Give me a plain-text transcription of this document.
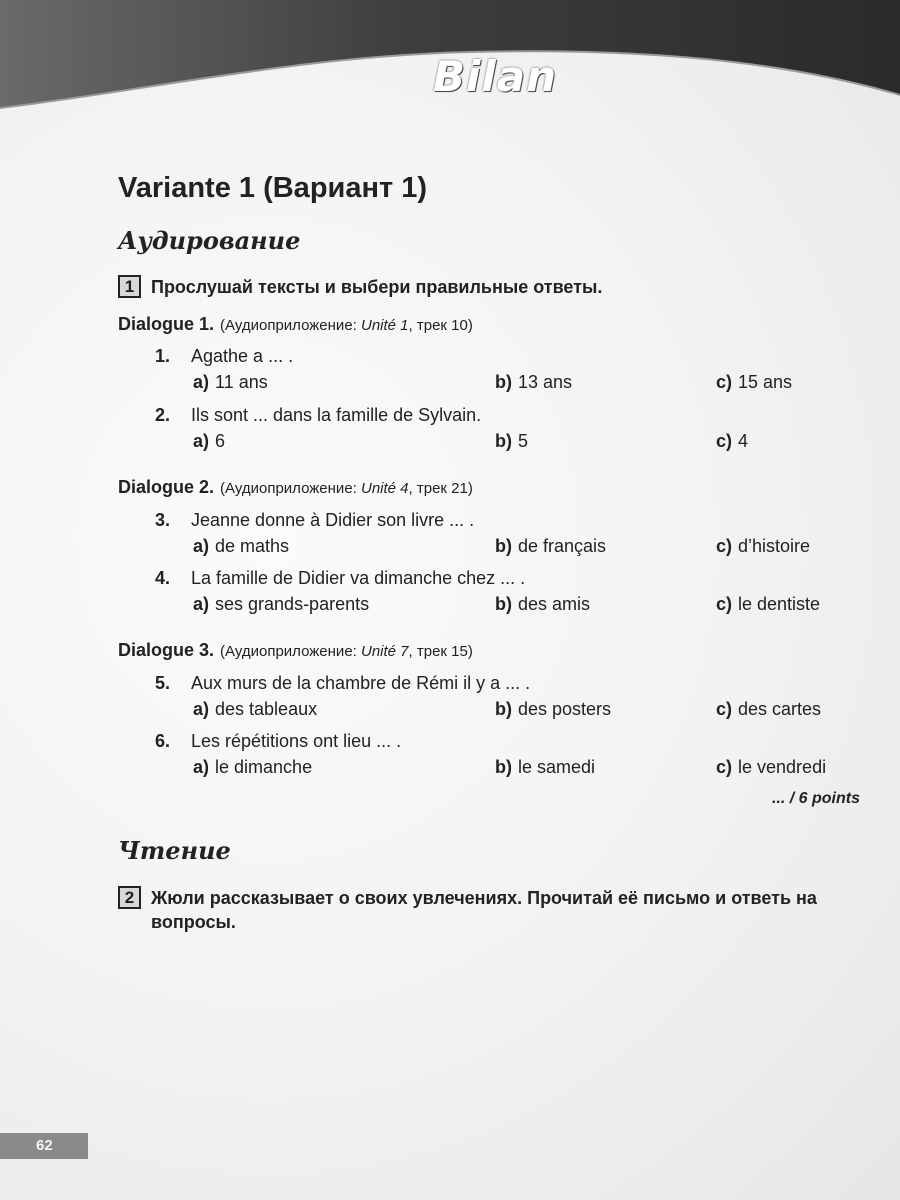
Bilan
Variante 1 (Вариант 1)
Аудирование
1 Прослушай тексты и выбери правильные ответы.
Dialogue 1. (Аудиоприложение: Unité 1, трек 10)
1. Agathe a ... .
a) 11 ans	b) 13 ans	c) 15 ans
2. Ils sont ... dans la famille de Sylvain.
a) 6	b) 5	c) 4
Dialogue 2. (Аудиоприложение: Unité 4, трек 21)
3. Jeanne donne à Didier son livre ... .
a) de maths	b) de français	c) d’histoire
4. La famille de Didier va dimanche chez ... .
a) ses grands-parents	b) des amis	c) le dentiste
Dialogue 3. (Аудиоприложение: Unité 7, трек 15)
5. Aux murs de la chambre de Rémi il y a ... .
a) des tableaux	b) des posters	c) des cartes
6. Les répétitions ont lieu ... .
a) le dimanche	b) le samedi	c) le vendredi
... / 6 points
Чтение
2 Жюли рассказывает о своих увлечениях. Прочитай её письмо и ответь на вопросы.
62
